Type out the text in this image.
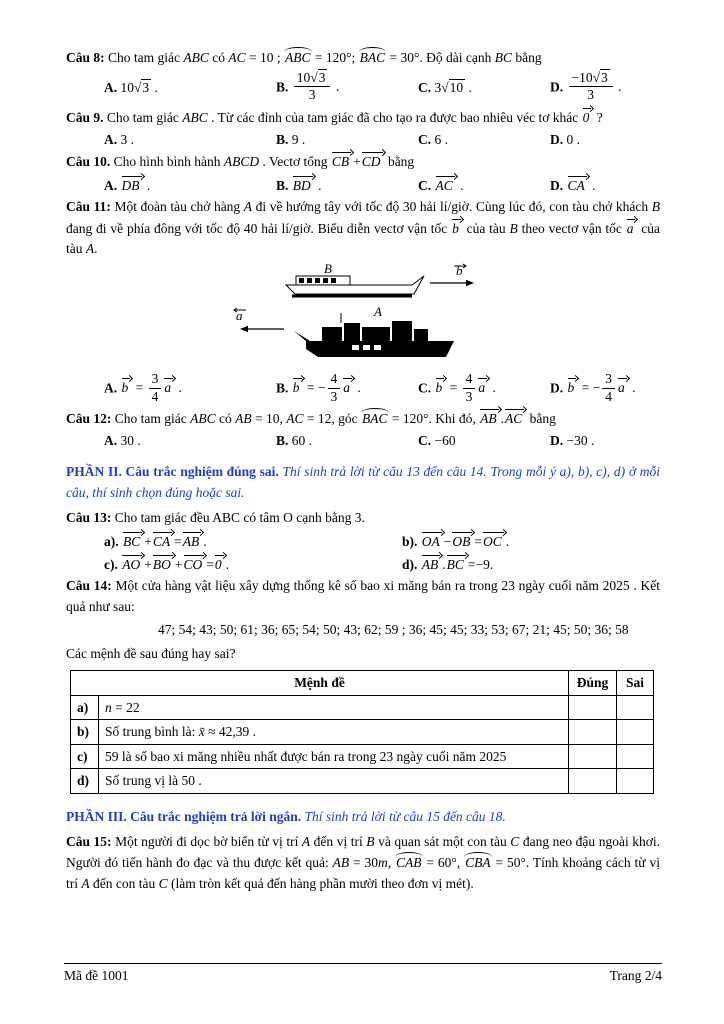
Câu 8: Cho tam giác ABC có AC = 10 ; ABC = 120°; BAC = 30°. Độ dài cạnh BC bằng

A. 10√3 .	B. $\frac{10√3}{3}$ .	C. 3√10 .	D. $\frac{-10√3}{3}$ .

Câu 9. Cho tam giác ABC . Từ các đỉnh của tam giác đã cho tạo ra được bao nhiêu véc tơ khác 0 ?

A. 3 .	B. 9 .	C. 6 .	D. 0 .

Câu 10. Cho hình bình hành ABCD . Vectơ tổng CB +CD bằng

A. DB .	B. BD .	C. AC .	D. CA .

Câu 11: Một đoàn tàu chở hàng A đi về hướng tây với tốc độ 30 hải lí/giờ. Cùng lúc đó, con tàu chở khách B đang đi về phía đông với tốc độ 40 hải lí/giờ. Biểu diễn vectơ vận tốc b của tàu B theo vectơ vận tốc a của tàu A.

B	b
A
a
A. $b = \frac{3}{4}$ a .	B. b = − $\frac{4}{3}$ a .	C. $b = \frac{4}{3}$ a .	D. b = − $\frac{3}{4}$ a .

Câu 12: Cho tam giác ABC có AB = 10, AC = 12, góc BAC = 120°. Khi đó, AB .AC bằng

A. 30 .	B. 60 .	C. −60	D. −30 .

PHẦN II. Câu trắc nghiệm đúng sai. Thí sinh trả lời từ câu 13 đến câu 14. Trong mỗi ý a), b), c), d) ở mỗi câu, thí sinh chọn đúng hoặc sai.

Câu 13: Cho tam giác đều ABC có tâm O cạnh bằng 3.

a). BC +CA =AB .	b). OA −OB =OC .
c). AO +BO +CO =0 .	d). AB .BC =−9.

Câu 14: Một cửa hàng vật liệu xây dựng thống kê số bao xi măng bán ra trong 23 ngày cuối năm 2025 . Kết quả như sau:

47; 54; 43; 50; 61; 36; 65; 54; 50; 43; 62; 59 ; 36; 45; 45; 33; 53; 67; 21; 45; 50; 36; 58

Các mệnh đề sau đúng hay sai?

Mệnh đề		Đúng	Sai
a)	n = 22		
b)	Số trung bình là: x̄ ≈ 42,39 .		
c)	59 là số bao xi măng nhiều nhất được bán ra trong 23 ngày cuối năm 2025		
d)	Số trung vị là 50 .		

PHẦN III. Câu trắc nghiệm trả lời ngắn. Thí sinh trả lời từ câu 15 đến câu 18.

Câu 15: Một người đi dọc bờ biển từ vị trí A đến vị trí B và quan sát một con tàu C đang neo đậu ngoài khơi. Người đó tiến hành đo đạc và thu được kết quả: AB = 30m, CAB = 60°, CBA = 50°. Tính khoảng cách từ vị trí A đến con tàu C (làm tròn kết quả đến hàng phần mười theo đơn vị mét).

Mã đề 1001	Trang 2/4
